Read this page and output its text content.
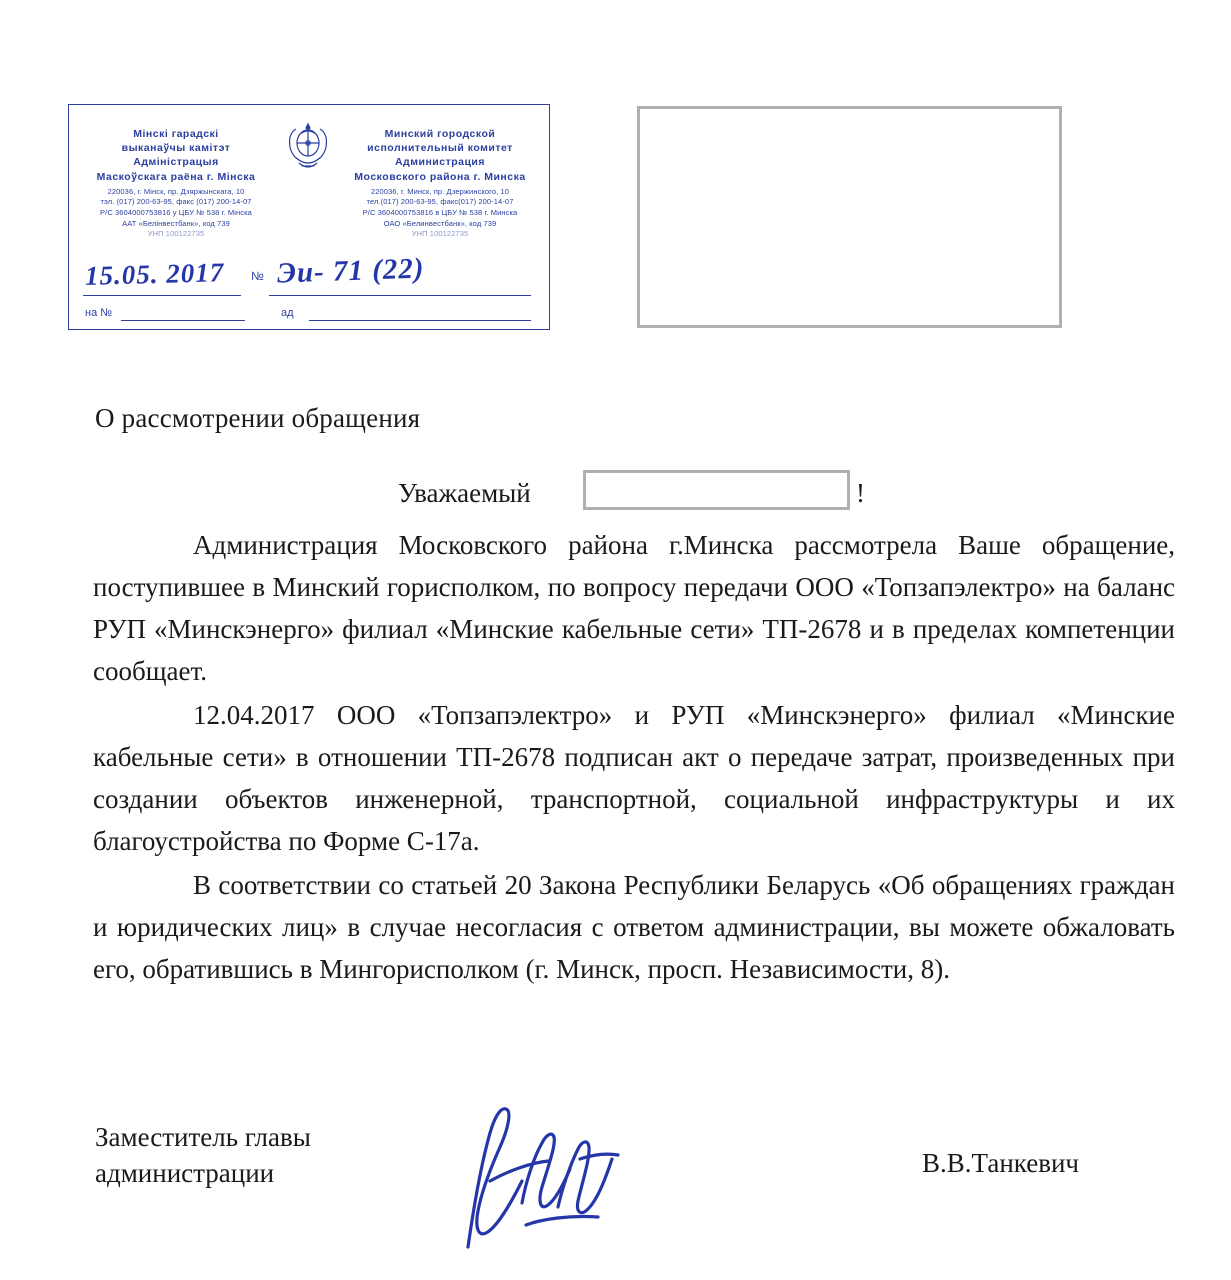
Мінскі гарадскі
выканаўчы камітэт
Адміністрацыя
Маскоўскага раёна г. Мінска
220036, г. Мінск, пр. Дзяржынскага, 10
тэл. (017) 200-63-95, факс (017) 200-14-07
Р/С 3604000753816 у ЦБУ № 538 г. Мінска
ААТ «Белінвестбанк», код 739
УНП 100122735
Минский городской
исполнительный комитет
Администрация
Московского района г. Минска
220036, г. Минск, пр. Дзержинского, 10
тел.(017) 200-63-95, факс(017) 200-14-07
Р/С 3604000753816 в ЦБУ № 538 г. Минска
ОАО «Белинвестбанк», код 739
УНП 100122735
15.05. 2017 № Эи- 71 (22)
на №	ад
О рассмотрении обращения
Уважаемый	!

Администрация Московского района г.Минска рассмотрела Ваше обращение, поступившее в Минский горисполком, по вопросу передачи ООО «Топзапэлектро» на баланс РУП «Минскэнерго» филиал «Минские кабельные сети» ТП-2678 и в пределах компетенции сообщает.

12.04.2017 ООО «Топзапэлектро» и РУП «Минскэнерго» филиал «Минские кабельные сети» в отношении ТП-2678 подписан акт о передаче затрат, произведенных при создании объектов инженерной, транспортной, социальной инфраструктуры и их благоустройства по Форме С-17а.

В соответствии со статьей 20 Закона Республики Беларусь «Об обращениях граждан и юридических лиц» в случае несогласия с ответом администрации, вы можете обжаловать его, обратившись в Мингорисполком (г. Минск, просп. Независимости, 8).

Заместитель главы
администрации	В.В.Танкевич
